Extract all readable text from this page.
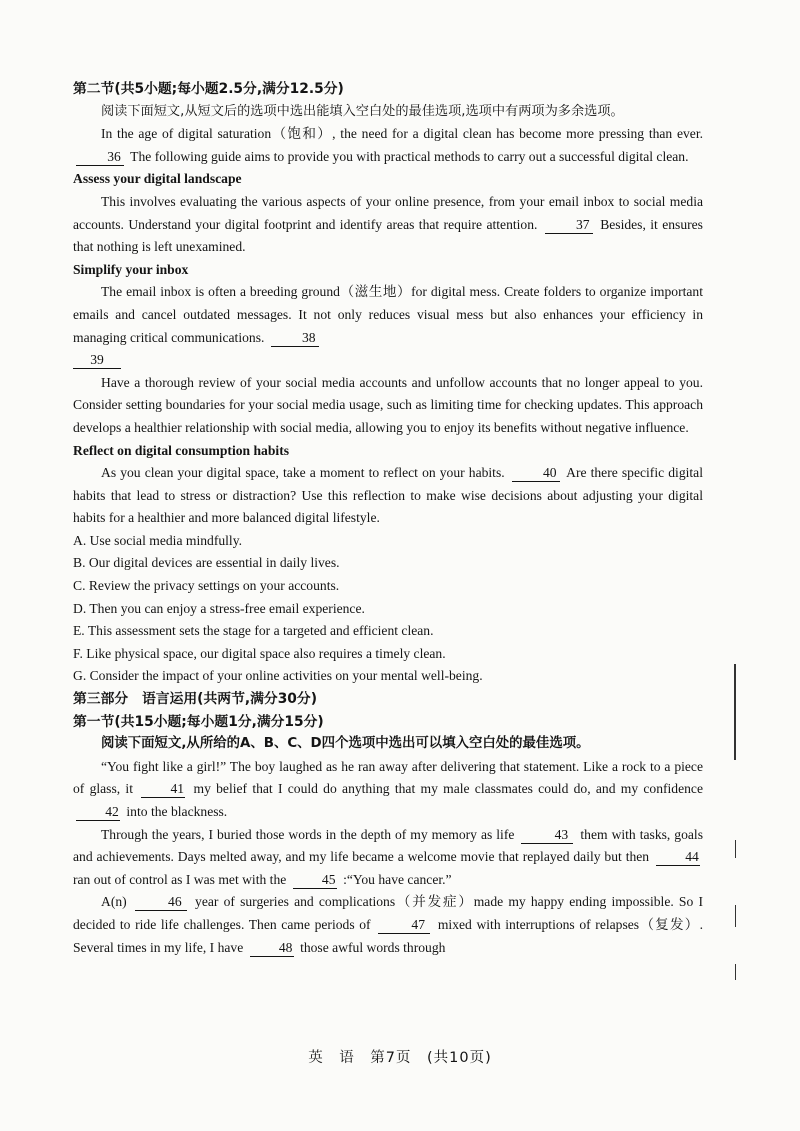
第二节(共5小题;每小题2.5分,满分12.5分)

阅读下面短文,从短文后的选项中选出能填入空白处的最佳选项,选项中有两项为多余选项。

In the age of digital saturation（饱和）, the need for a digital clean has become more pressing than ever. 36 The following guide aims to provide you with practical methods to carry out a successful digital clean.

Assess your digital landscape

This involves evaluating the various aspects of your online presence, from your email inbox to social media accounts. Understand your digital footprint and identify areas that require attention.	37 Besides, it ensures that nothing is left unexamined.

Simplify your inbox

The email inbox is often a breeding ground（滋生地）for digital mess. Create folders to organize important emails and cancel outdated messages. It not only reduces visual mess but also enhances your efficiency in managing critical communications.	38

39

Have a thorough review of your social media accounts and unfollow accounts that no longer appeal to you. Consider setting boundaries for your social media usage, such as limiting time for checking updates. This approach develops a healthier relationship with social media, allowing you to enjoy its benefits without negative influence.

Reflect on digital consumption habits

As you clean your digital space, take a moment to reflect on your habits.	40 Are there specific digital habits that lead to stress or distraction? Use this reflection to make wise decisions about adjusting your digital habits for a healthier and more balanced digital lifestyle.

A. Use social media mindfully.

B. Our digital devices are essential in daily lives.

C. Review the privacy settings on your accounts.

D. Then you can enjoy a stress-free email experience.

E. This assessment sets the stage for a targeted and efficient clean.

F. Like physical space, our digital space also requires a timely clean.

G. Consider the impact of your online activities on your mental well-being.

第三部分　语言运用(共两节,满分30分)

第一节(共15小题;每小题1分,满分15分)

阅读下面短文,从所给的A、B、C、D四个选项中选出可以填入空白处的最佳选项。

“You fight like a girl!” The boy laughed as he ran away after delivering that statement. Like a rock to a piece of glass, it	41 my belief that I could do anything that my male classmates could do, and my confidence 42 into the blackness.

Through the years, I buried those words in the depth of my memory as life	43 them with tasks, goals and achievements. Days melted away, and my life became a welcome movie that replayed daily but then	44 ran out of control as I was met with the	45 :“You have cancer.”

A(n)	46 year of surgeries and complications（并发症）made my happy ending impossible. So I decided to ride life challenges. Then came periods of	47 mixed with interruptions of relapses（复发）. Several times in my life, I have	48 those awful words through

英　语　第7页　(共10页)
